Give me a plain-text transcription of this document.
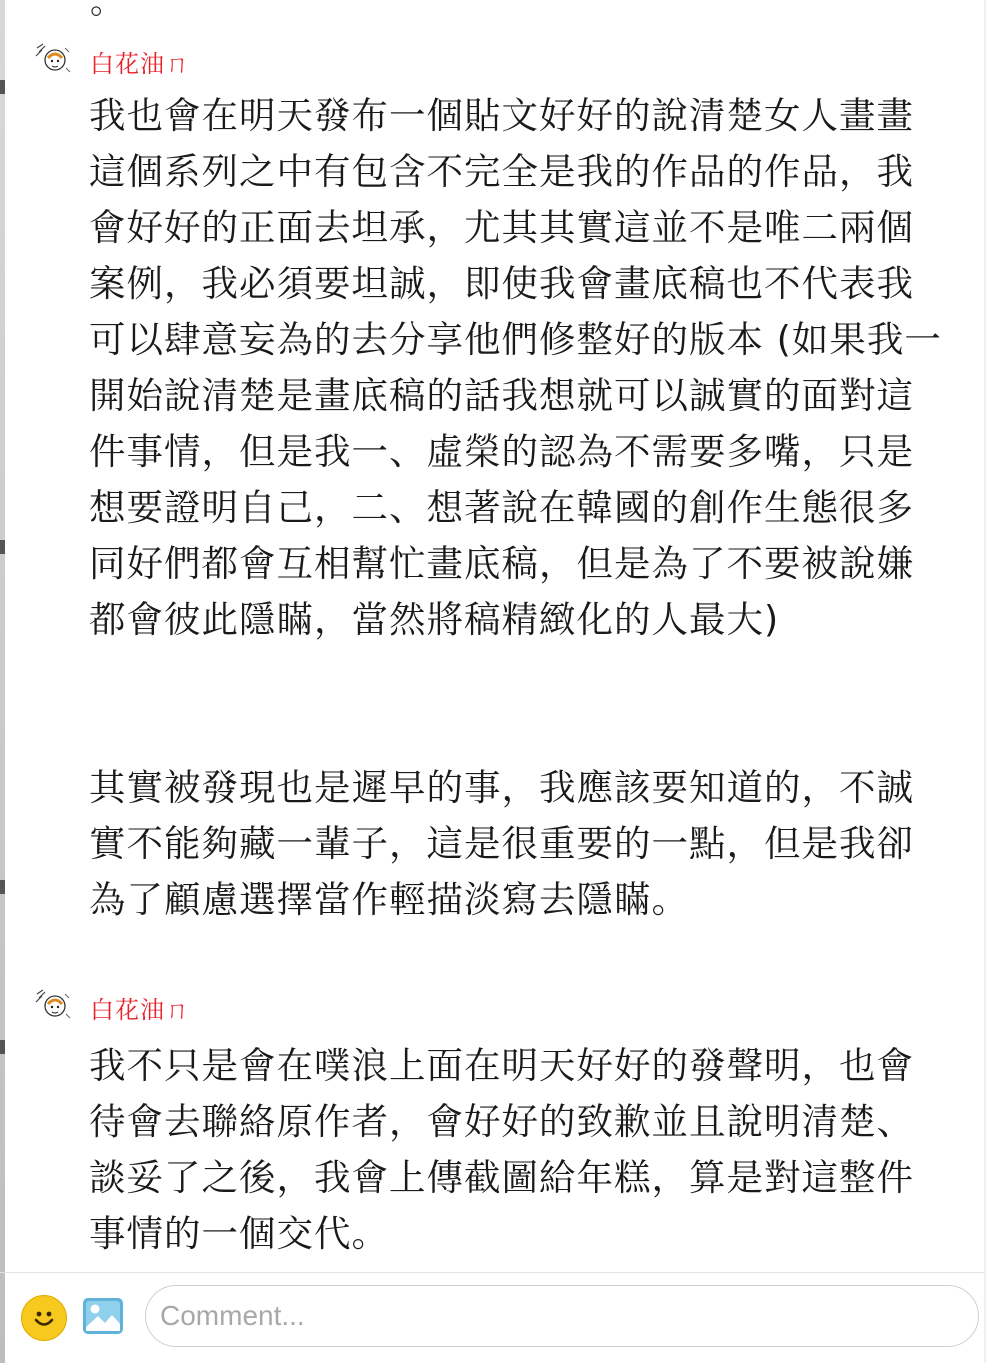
。
白花油ㄇ
我也會在明天發布一個貼文好好的說清楚女人畫畫這個系列之中有包含不完全是我的作品的作品，我會好好的正面去坦承，尤其其實這並不是唯二兩個案例，我必須要坦誠，即使我會畫底稿也不代表我可以肆意妄為的去分享他們修整好的版本 (如果我一開始說清楚是畫底稿的話我想就可以誠實的面對這件事情，但是我一、虛榮的認為不需要多嘴，只是想要證明自己，二、想著說在韓國的創作生態很多同好們都會互相幫忙畫底稿，但是為了不要被說嫌都會彼此隱瞞，當然將稿精緻化的人最大)

其實被發現也是遲早的事，我應該要知道的，不誠實不能夠藏一輩子，這是很重要的一點，但是我卻為了顧慮選擇當作輕描淡寫去隱瞞。
白花油ㄇ
我不只是會在噗浪上面在明天好好的發聲明，也會待會去聯絡原作者，會好好的致歉並且說明清楚、談妥了之後，我會上傳截圖給年糕，算是對這整件事情的一個交代。
Comment...
